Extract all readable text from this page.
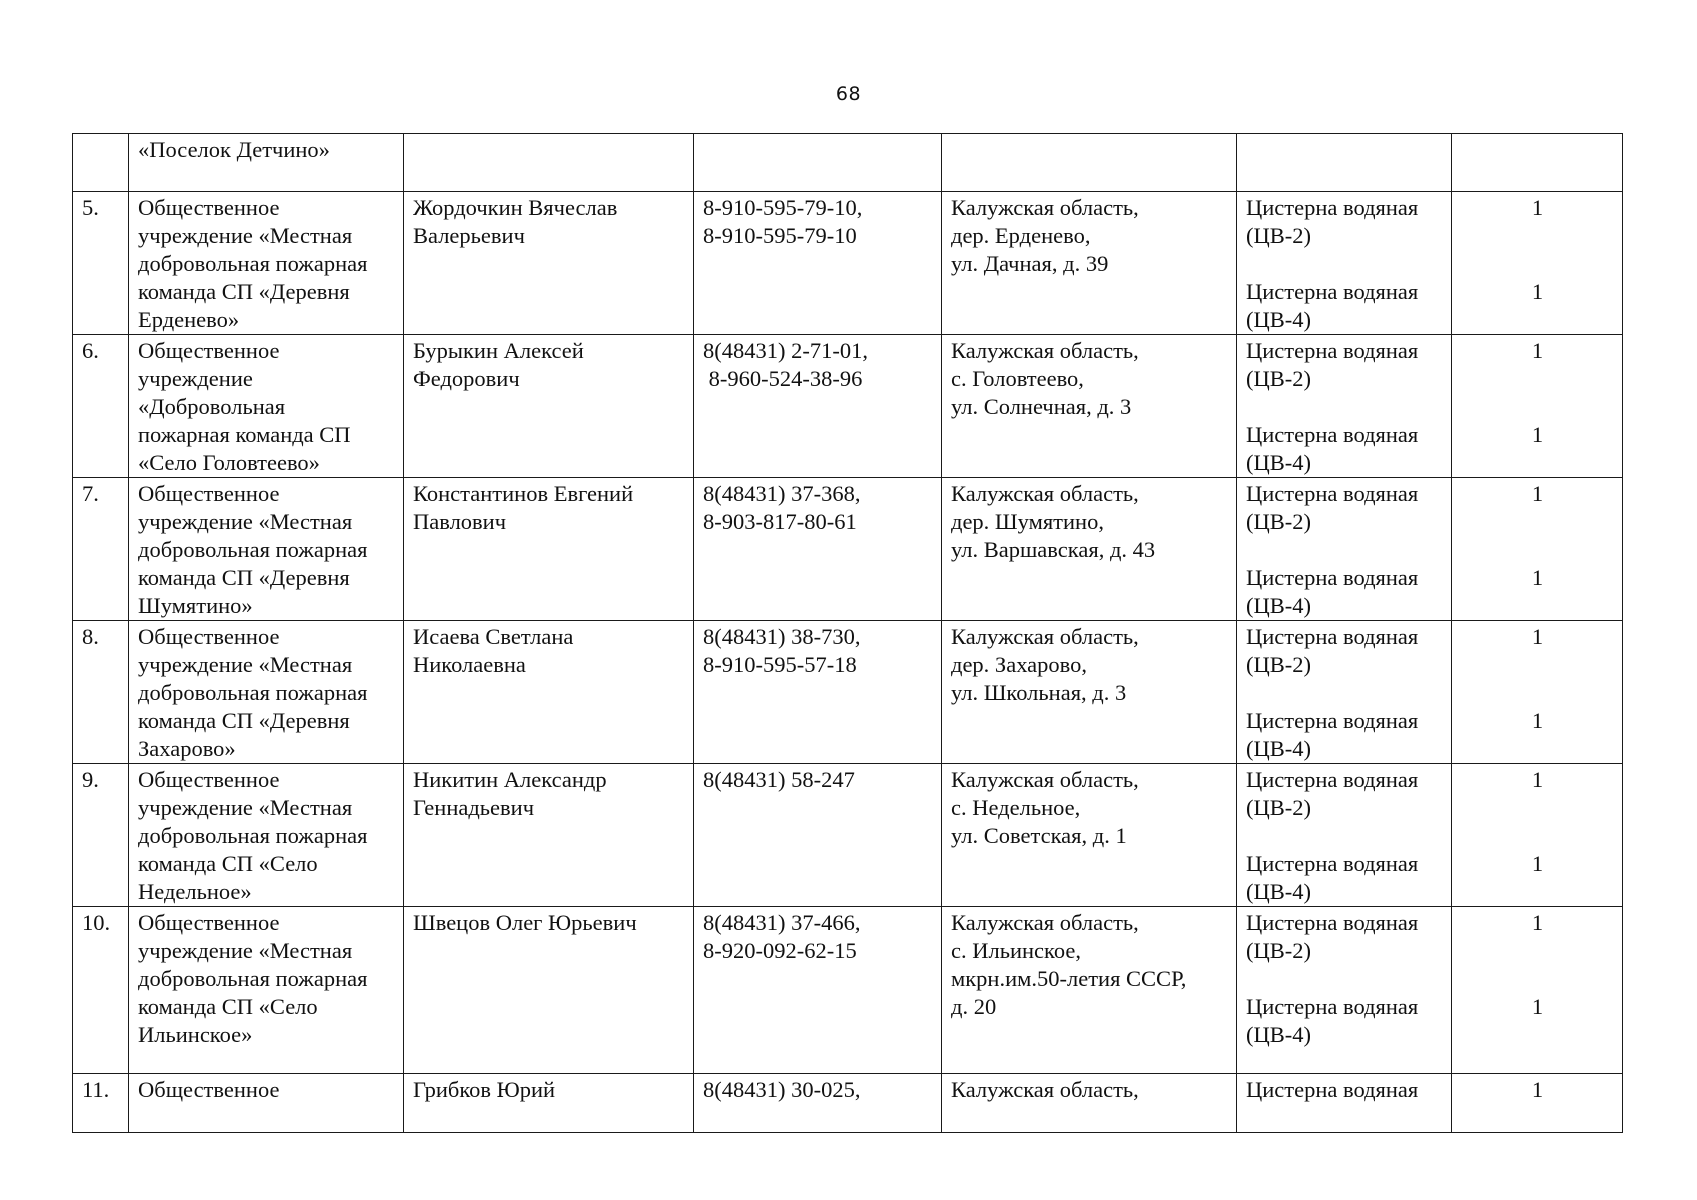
68

	«Поселок Детчино»					

5.	Общественное
учреждение «Местная
добровольная пожарная
команда СП «Деревня
Ерденево»	Жордочкин Вячеслав
Валерьевич	8-910-595-79-10,
8-910-595-79-10	Калужская область,
дер. Ерденево,
ул. Дачная, д. 39	Цистерна водяная
(ЦВ-2)
Цистерна водяная
(ЦВ-4)	1
1

6.	Общественное
учреждение
«Добровольная
пожарная команда СП
«Село Головтеево»	Бурыкин Алексей
Федорович	8(48431) 2-71-01,
8-960-524-38-96	Калужская область,
с. Головтеево,
ул. Солнечная, д. 3	Цистерна водяная
(ЦВ-2)
Цистерна водяная
(ЦВ-4)	1
1

7.	Общественное
учреждение «Местная
добровольная пожарная
команда СП «Деревня
Шумятино»	Константинов Евгений
Павлович	8(48431) 37-368,
8-903-817-80-61	Калужская область,
дер. Шумятино,
ул. Варшавская, д. 43	Цистерна водяная
(ЦВ-2)
Цистерна водяная
(ЦВ-4)	1
1

8.	Общественное
учреждение «Местная
добровольная пожарная
команда СП «Деревня
Захарово»	Исаева Светлана
Николаевна	8(48431) 38-730,
8-910-595-57-18	Калужская область,
дер. Захарово,
ул. Школьная, д. 3	Цистерна водяная
(ЦВ-2)
Цистерна водяная
(ЦВ-4)	1
1

9.	Общественное
учреждение «Местная
добровольная пожарная
команда СП «Село
Недельное»	Никитин Александр
Геннадьевич	8(48431) 58-247	Калужская область,
с. Недельное,
ул. Советская, д. 1	Цистерна водяная
(ЦВ-2)
Цистерна водяная
(ЦВ-4)	1
1

10.	Общественное
учреждение «Местная
добровольная пожарная
команда СП «Село
Ильинское»	Швецов Олег Юрьевич	8(48431) 37-466,
8-920-092-62-15	Калужская область,
с. Ильинское,
мкрн.им.50-летия СССР,
д. 20	Цистерна водяная
(ЦВ-2)
Цистерна водяная
(ЦВ-4)	1
1

11.	Общественное	Грибков Юрий	8(48431) 30-025,	Калужская область,	Цистерна водяная	1
